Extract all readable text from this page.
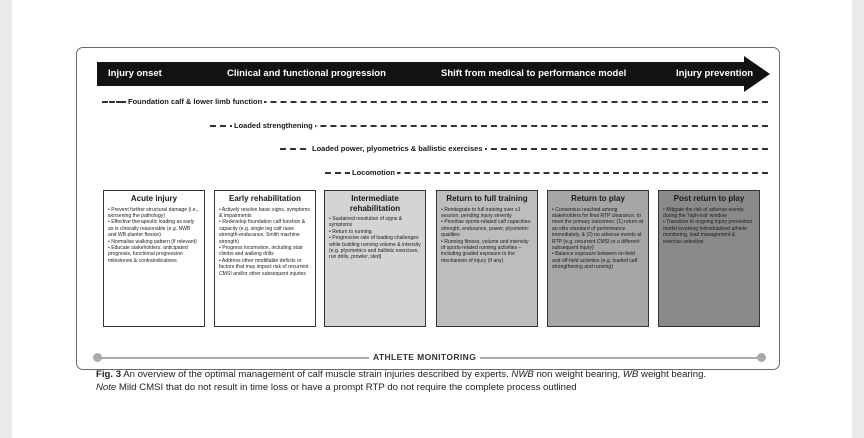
Injury onset	Clinical and functional progression	Shift from medical to performance model	Injury prevention
Foundation calf & lower limb function
Loaded strengthening
Loaded power, plyometrics & ballistic exercises
Locomotion
Acute injury

• Prevent further structural damage (i.e., worsening the pathology)
• Effective therapeutic loading as early as is clinically reasonable (e.g. NWB and WB planter flexion)
• Normalise walking pattern (if relevant)
• Educate stakeholders: anticipated prognosis, functional progression milestones & contraindications

Early rehabilitation

• Actively resolve basic signs, symptoms & impairments
• Redevelop foundation calf function & capacity (e.g. single leg calf raise strength-endurance, Smith machine strength)
• Progress locomotion, including stair climbs and walking drills
• Address other modifiable deficits or factors that may impact risk of recurrent CMSI and/or other subsequent injuries

Intermediate rehabilitation

• Sustained resolution of signs & symptoms
• Return to running
• Progressive rate of loading challenges while building running volume & intensity (e.g. plyometrics and ballistic exercises, run drills, prowler, sled)

Return to full training

• Reintegrate to full training over ≥1 session, pending injury severity
• Prioritise sports-related calf capacities: strength, endurance, power, plyometric qualities
• Running fitness, volume and intensity of sports-related running activities – including graded exposure to the mechanism of injury (if any)

Return to play

• Consensus reached among stakeholders for final RTP clearance, to meet the primary outcomes: (1) return at an elite standard of performance immediately, & (2) no adverse events at RTP (e.g. recurrent CMSI or a different subsequent injury)
• Balance exposure between on-field and off-field activities (e.g. loaded calf strengthening and running)

Post return to play

• Mitigate the risk of adverse events during the 'high-risk' window
• Transition to ongoing injury prevention model involving individualised athlete monitoring, load management & exercise selection

ATHLETE MONITORING
Fig. 3 An overview of the optimal management of calf muscle strain injuries described by experts. NWB non weight bearing, WB weight bearing.
Note Mild CMSI that do not result in time loss or have a prompt RTP do not require the complete process outlined
